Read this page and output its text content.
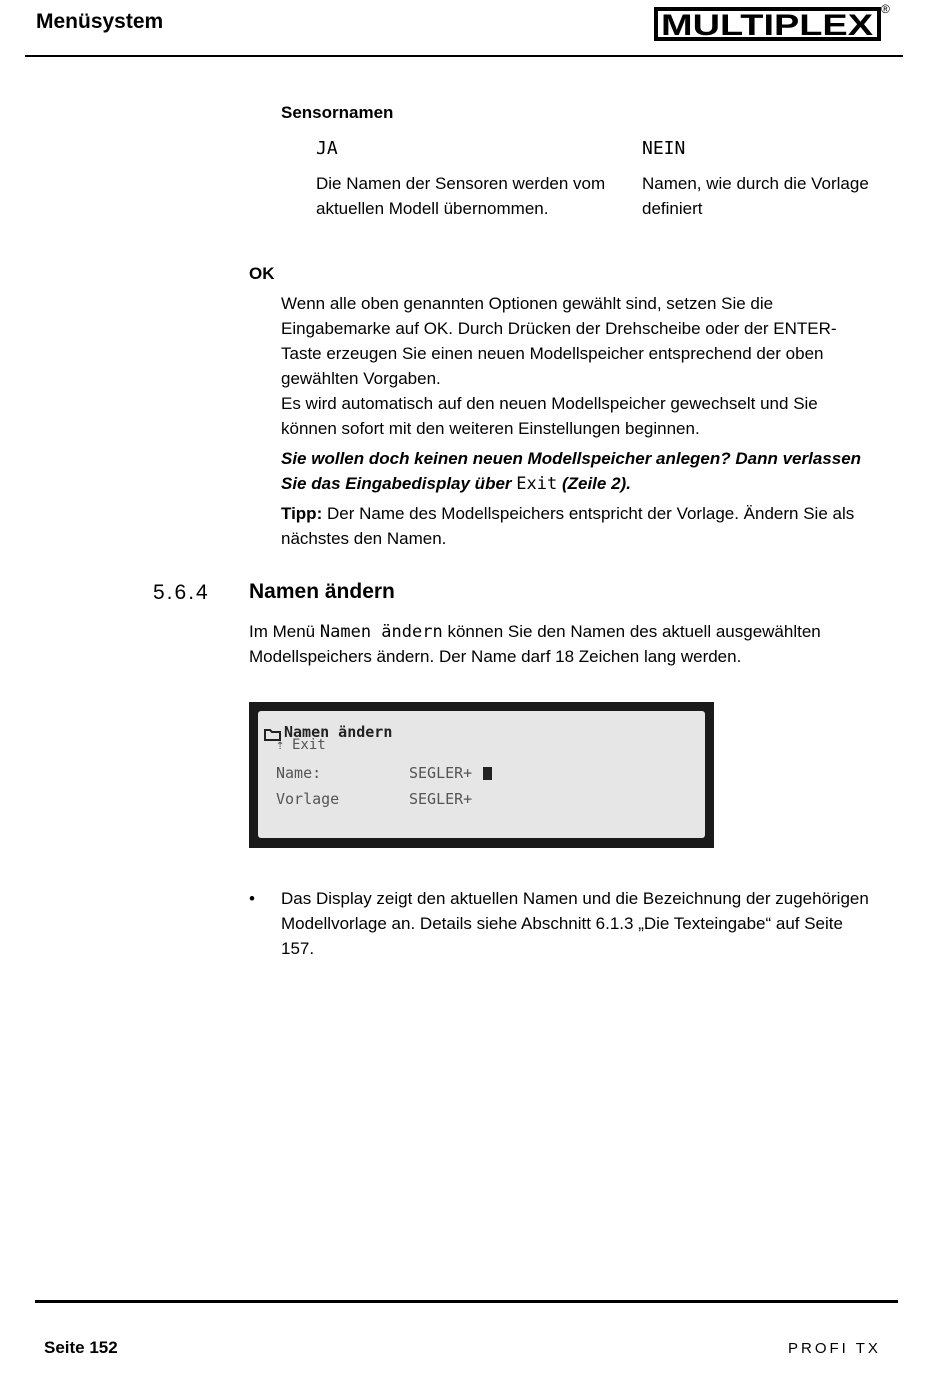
Menüsystem	MULTIPLEX ®
Sensornamen
JA
Die Namen der Sensoren werden vom
aktuellen Modell übernommen.
NEIN
Namen, wie durch die Vorlage
definiert
OK
Wenn alle oben genannten Optionen gewählt sind, setzen Sie die
Eingabemarke auf OK. Durch Drücken der Drehscheibe oder der ENTER-
Taste erzeugen Sie einen neuen Modellspeicher entsprechend der oben
gewählten Vorgaben.
Es wird automatisch auf den neuen Modellspeicher gewechselt und Sie
können sofort mit den weiteren Einstellungen beginnen.
Sie wollen doch keinen neuen Modellspeicher anlegen? Dann verlassen
Sie das Eingabedisplay über Exit (Zeile 2).
Tipp: Der Name des Modellspeichers entspricht der Vorlage. Ändern Sie als
nächstes den Namen.
5.6.4 Namen ändern
Im Menü Namen ändern können Sie den Namen des aktuell ausgewählten
Modellspeichers ändern. Der Name darf 18 Zeichen lang werden.
Namen ändern
⇡ Exit
Name:	SEGLER+
Vorlage	SEGLER+
• Das Display zeigt den aktuellen Namen und die Bezeichnung der zugehörigen
Modellvorlage an. Details siehe Abschnitt 6.1.3 „Die Texteingabe“ auf Seite
157.
Seite 152	PROFI TX
